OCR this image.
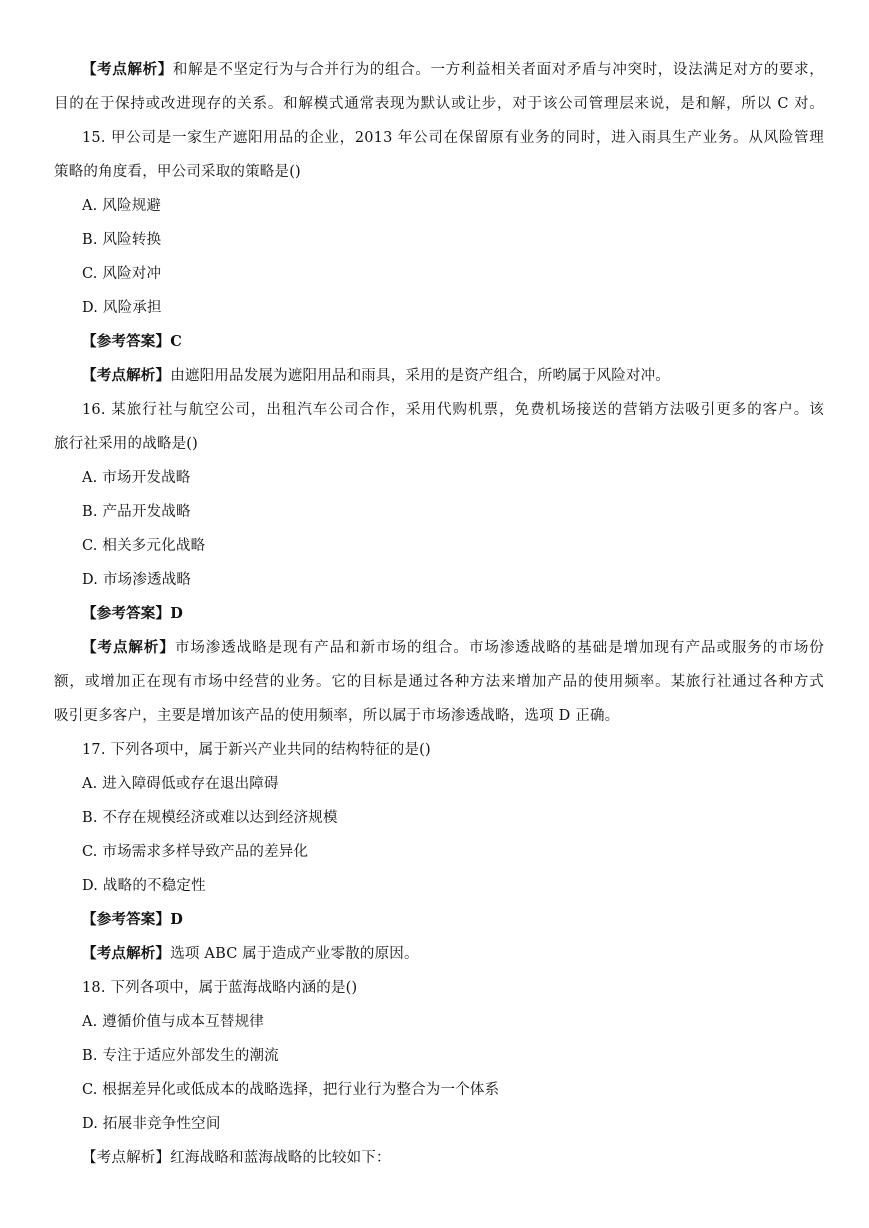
【考点解析】和解是不坚定行为与合并行为的组合。一方利益相关者面对矛盾与冲突时，设法满足对方的要求，
目的在于保持或改进现存的关系。和解模式通常表现为默认或让步，对于该公司管理层来说，是和解，所以 C 对。
15. 甲公司是一家生产遮阳用品的企业，2013 年公司在保留原有业务的同时，进入雨具生产业务。从风险管理
策略的角度看，甲公司采取的策略是()
A. 风险规避
B. 风险转换
C. 风险对冲
D. 风险承担
【参考答案】C
【考点解析】由遮阳用品发展为遮阳用品和雨具，采用的是资产组合，所哟属于风险对冲。
16. 某旅行社与航空公司，出租汽车公司合作，采用代购机票，免费机场接送的营销方法吸引更多的客户。该
旅行社采用的战略是()
A. 市场开发战略
B. 产品开发战略
C. 相关多元化战略
D. 市场渗透战略
【参考答案】D
【考点解析】市场渗透战略是现有产品和新市场的组合。市场渗透战略的基础是增加现有产品或服务的市场份
额，或增加正在现有市场中经营的业务。它的目标是通过各种方法来增加产品的使用频率。某旅行社通过各种方式
吸引更多客户，主要是增加该产品的使用频率，所以属于市场渗透战略，选项 D 正确。
17. 下列各项中，属于新兴产业共同的结构特征的是()
A. 进入障碍低或存在退出障碍
B. 不存在规模经济或难以达到经济规模
C. 市场需求多样导致产品的差异化
D. 战略的不稳定性
【参考答案】D
【考点解析】选项 ABC 属于造成产业零散的原因。
18. 下列各项中，属于蓝海战略内涵的是()
A. 遵循价值与成本互替规律
B. 专注于适应外部发生的潮流
C. 根据差异化或低成本的战略选择，把行业行为整合为一个体系
D. 拓展非竞争性空间
【考点解析】红海战略和蓝海战略的比较如下：
